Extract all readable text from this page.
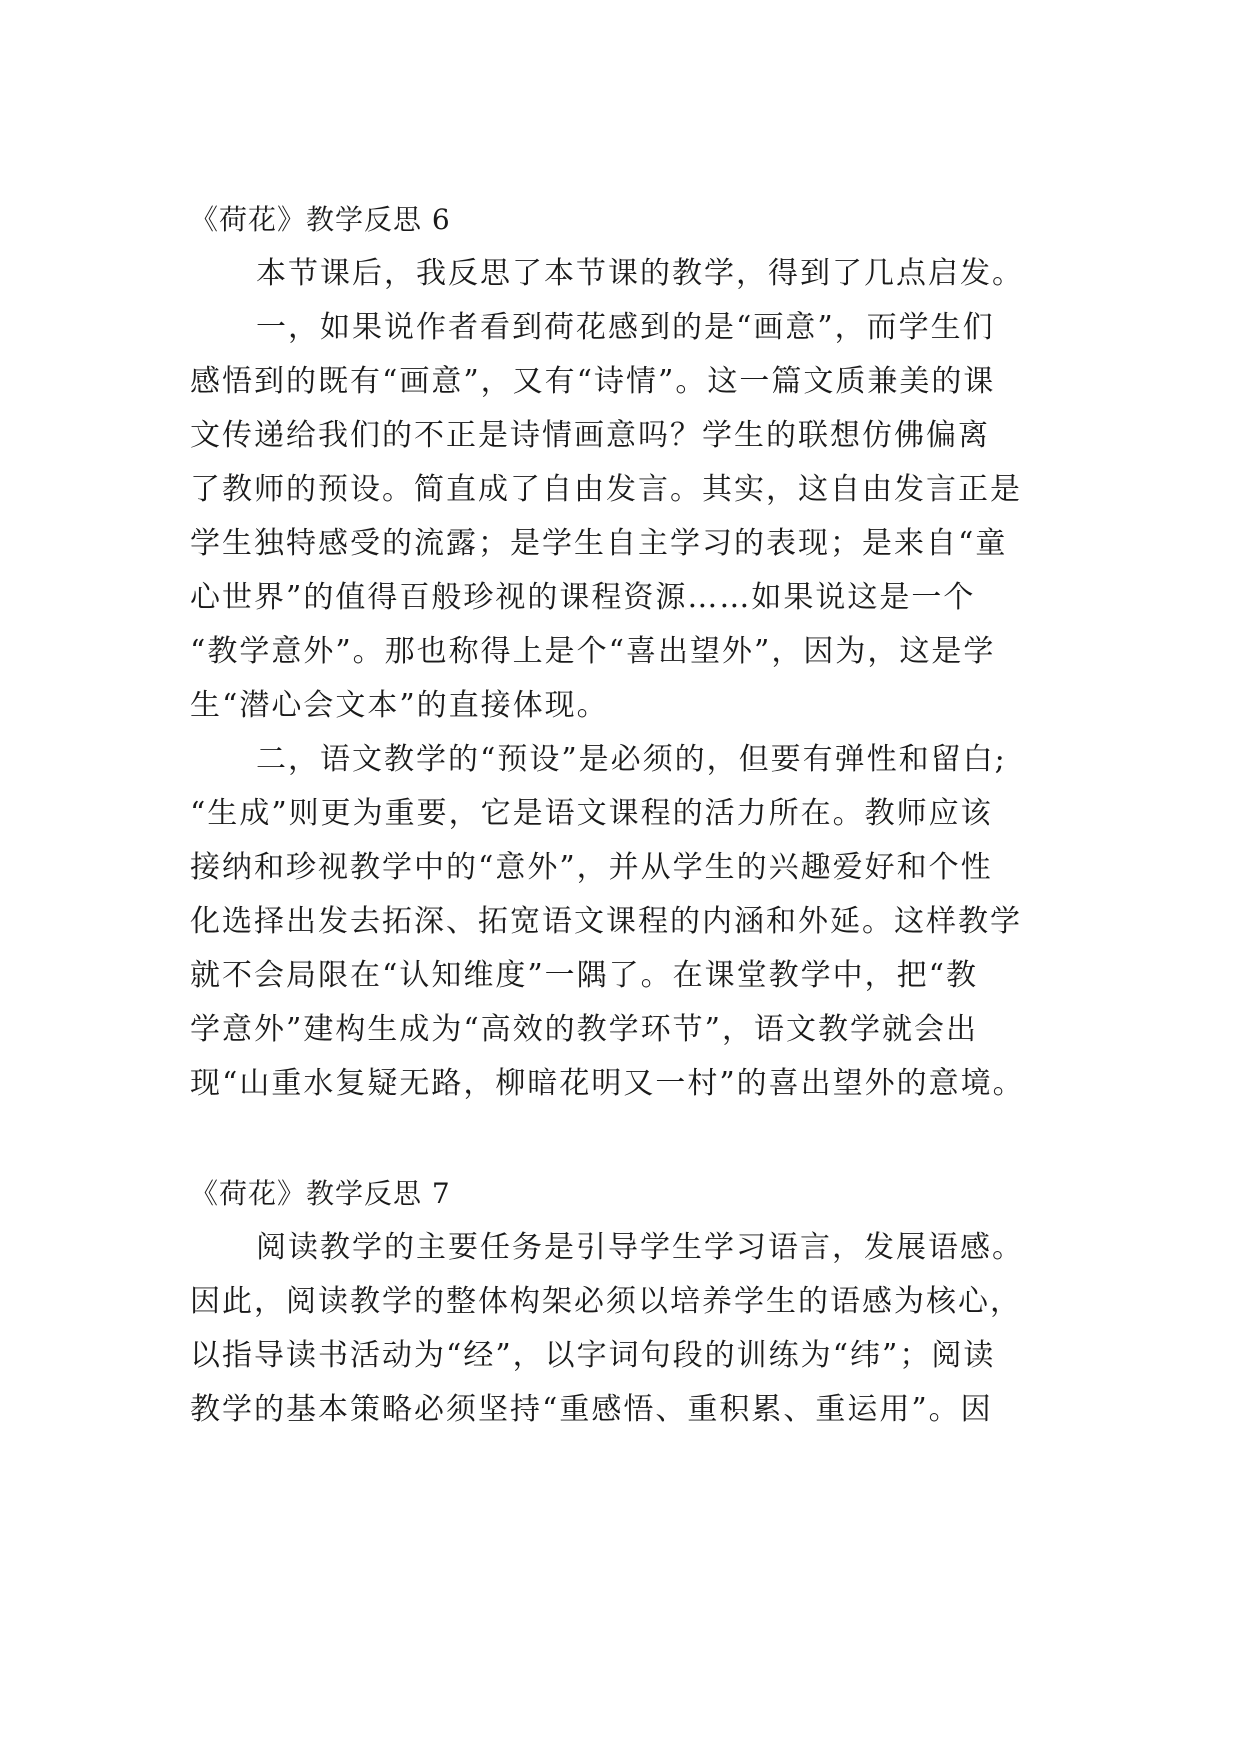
《荷花》教学反思 6
本节课后，我反思了本节课的教学，得到了几点启发。
一，如果说作者看到荷花感到的是“画意”，而学生们
感悟到的既有“画意”，又有“诗情”。这一篇文质兼美的课
文传递给我们的不正是诗情画意吗？学生的联想仿佛偏离
了教师的预设。简直成了自由发言。其实，这自由发言正是
学生独特感受的流露；是学生自主学习的表现；是来自“童
心世界”的值得百般珍视的课程资源……如果说这是一个
“教学意外”。那也称得上是个“喜出望外”，因为，这是学
生“潜心会文本”的直接体现。
二，语文教学的“预设”是必须的，但要有弹性和留白;
“生成”则更为重要，它是语文课程的活力所在。教师应该
接纳和珍视教学中的“意外”，并从学生的兴趣爱好和个性
化选择出发去拓深、拓宽语文课程的内涵和外延。这样教学
就不会局限在“认知维度”一隅了。在课堂教学中，把“教
学意外”建构生成为“高效的教学环节”，语文教学就会出
现“山重水复疑无路，柳暗花明又一村”的喜出望外的意境。
《荷花》教学反思 7
阅读教学的主要任务是引导学生学习语言，发展语感。
因此，阅读教学的整体构架必须以培养学生的语感为核心，
以指导读书活动为“经”，以字词句段的训练为“纬”；阅读
教学的基本策略必须坚持“重感悟、重积累、重运用”。因
